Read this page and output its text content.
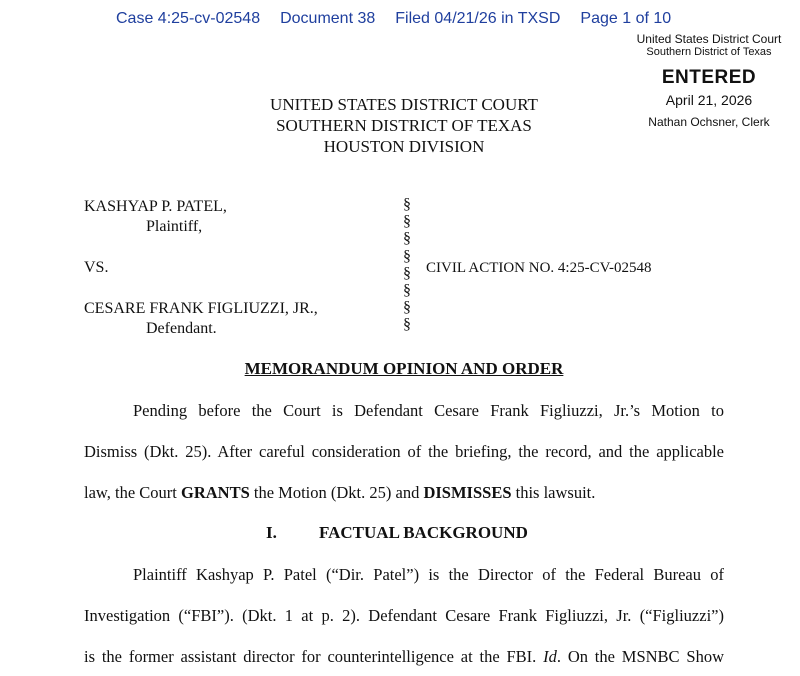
Case 4:25-cv-02548 Document 38 Filed 04/21/26 in TXSD Page 1 of 10
United States District Court
Southern District of Texas
ENTERED
April 21, 2026
Nathan Ochsner, Clerk
UNITED STATES DISTRICT COURT
SOUTHERN DISTRICT OF TEXAS
HOUSTON DIVISION
KASHYAP P. PATEL,
Plaintiff,
VS.
CESARE FRANK FIGLIUZZI, JR.,
Defendant.
§
§
§
§
§
§
§
§
CIVIL ACTION NO. 4:25-CV-02548
MEMORANDUM OPINION AND ORDER
Pending before the Court is Defendant Cesare Frank Figliuzzi, Jr.’s Motion to
Dismiss (Dkt. 25). After careful consideration of the briefing, the record, and the applicable
law, the Court GRANTS the Motion (Dkt. 25) and DISMISSES this lawsuit.
I. FACTUAL BACKGROUND
Plaintiff Kashyap P. Patel (“Dir. Patel”) is the Director of the Federal Bureau of
Investigation (“FBI”). (Dkt. 1 at p. 2). Defendant Cesare Frank Figliuzzi, Jr. (“Figliuzzi”)
is the former assistant director for counterintelligence at the FBI. Id. On the MSNBC Show
